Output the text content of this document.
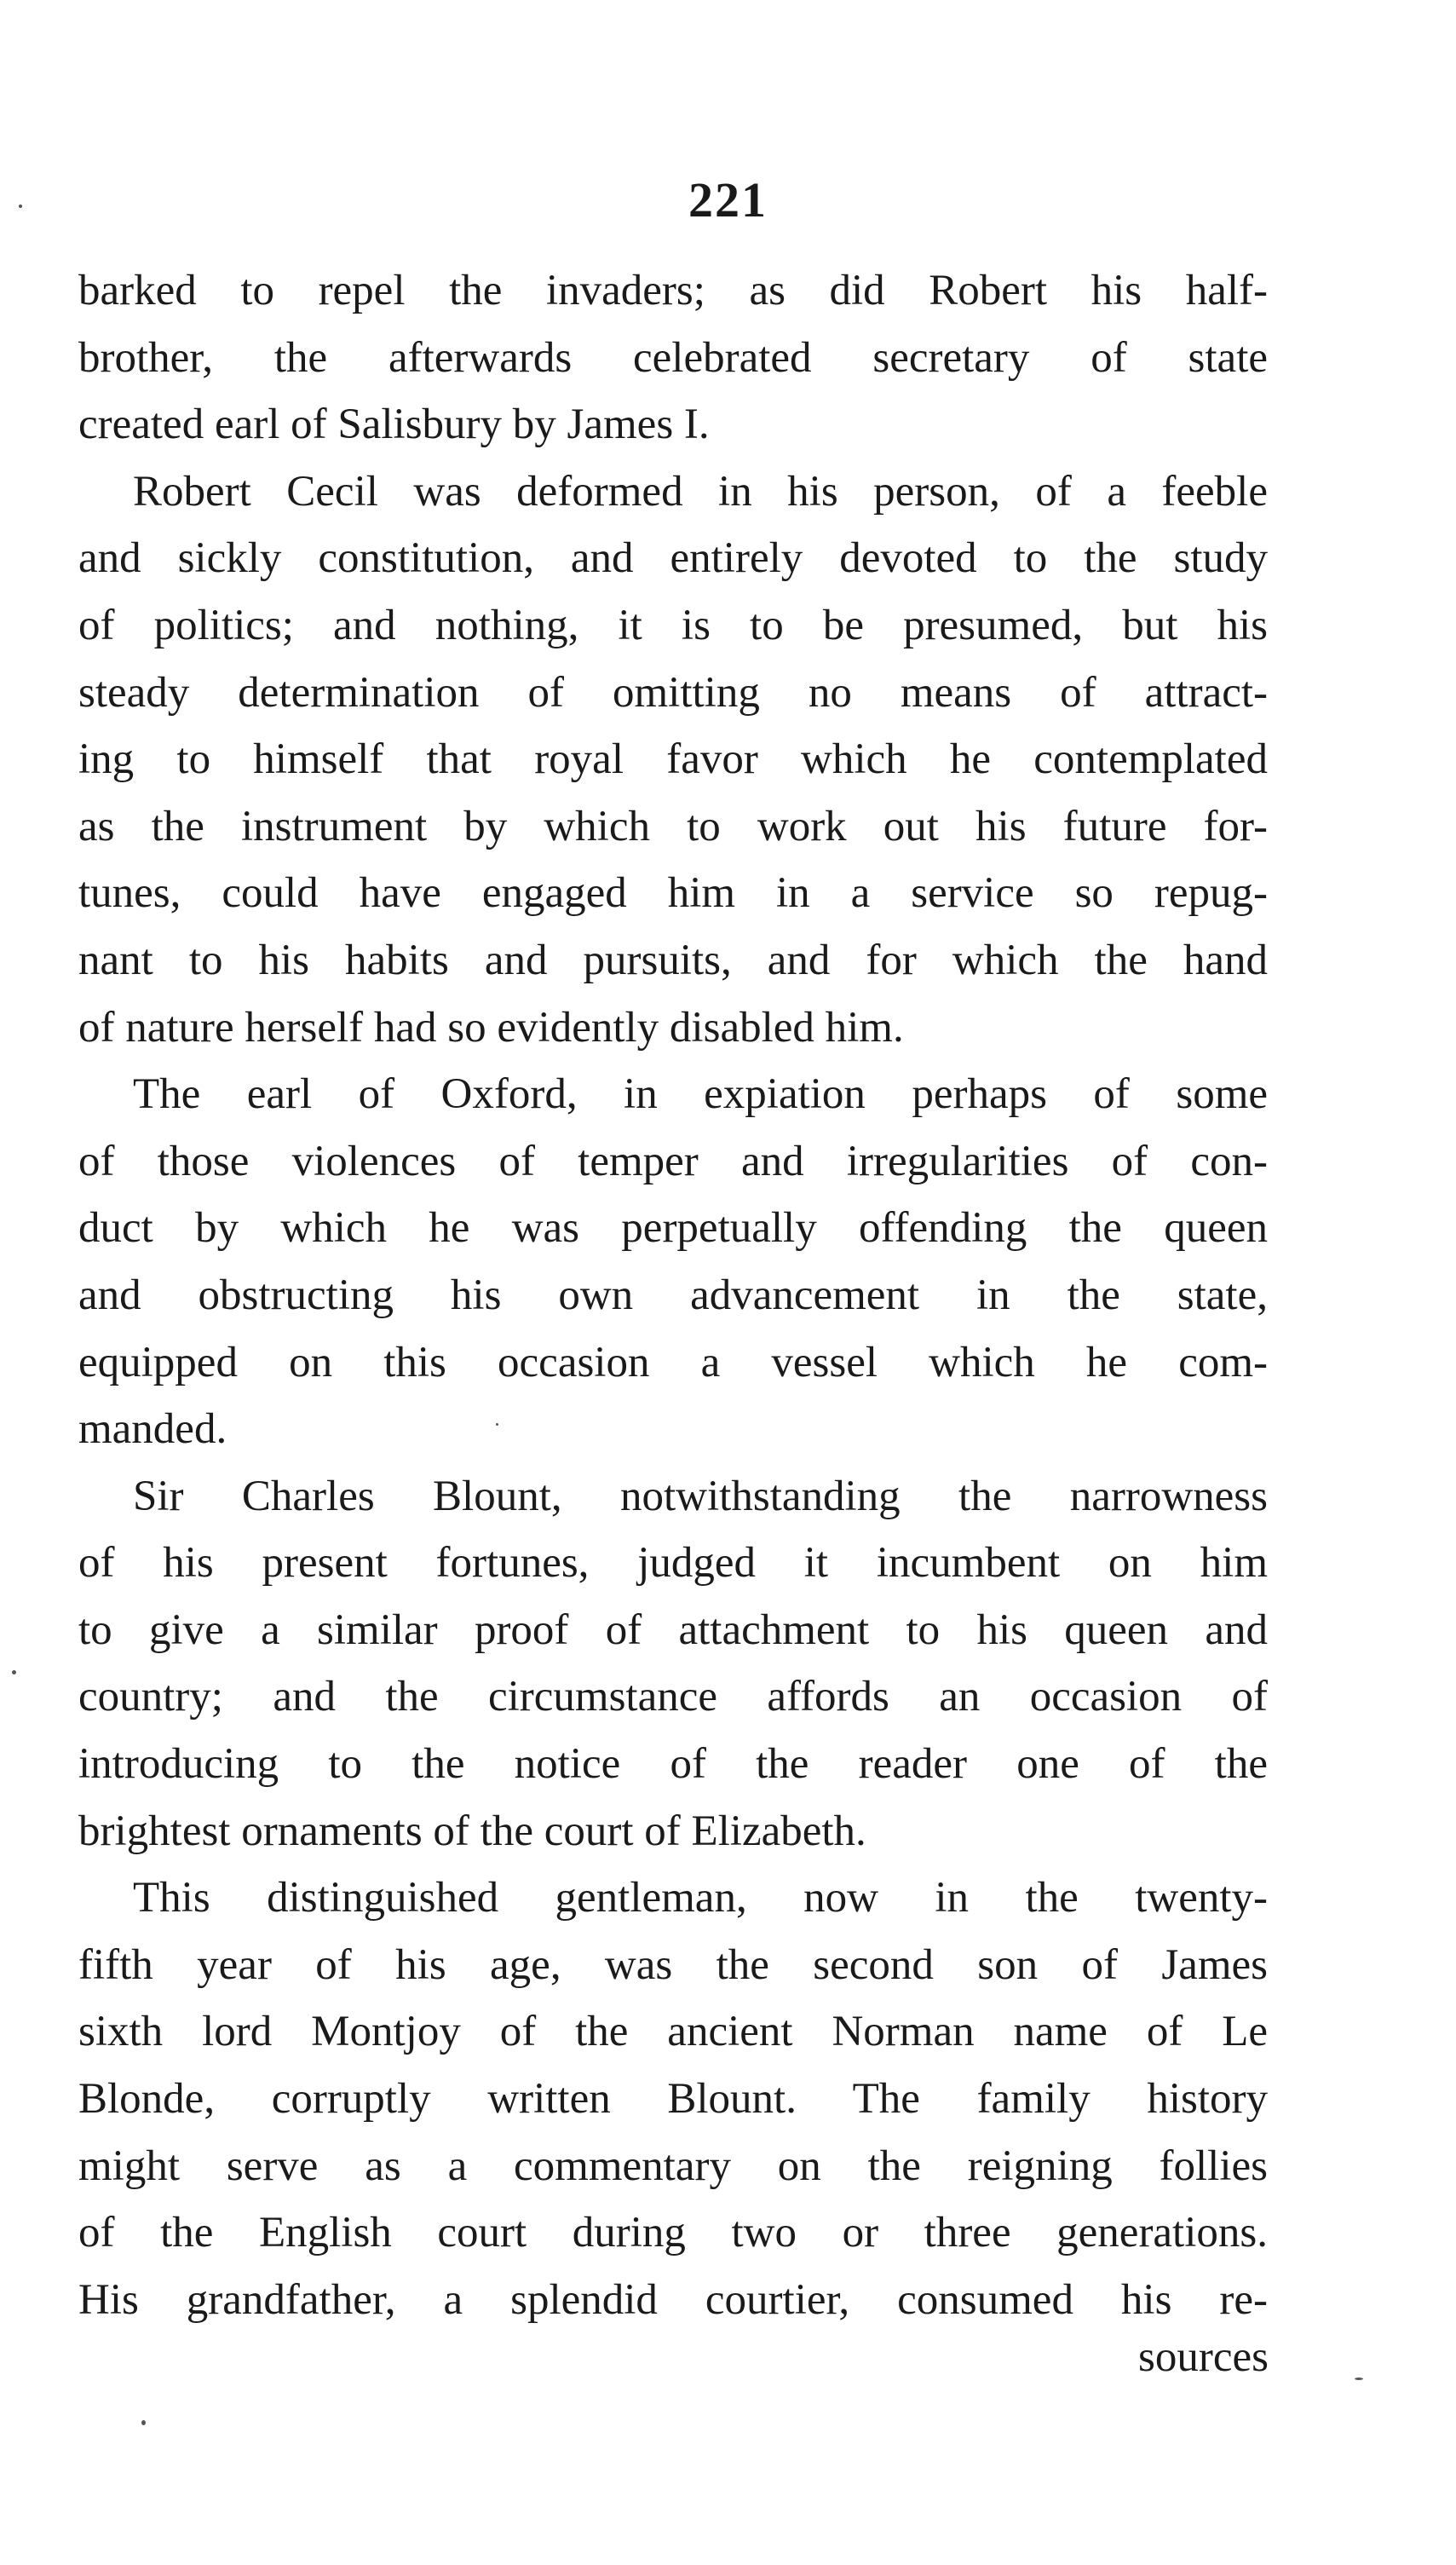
221
barked to repel the invaders; as did Robert his half-
brother, the afterwards celebrated secretary of state
created earl of Salisbury by James I.
Robert Cecil was deformed in his person, of a feeble
and sickly constitution, and entirely devoted to the study
of politics; and nothing, it is to be presumed, but his
steady determination of omitting no means of attract-
ing to himself that royal favor which he contemplated
as the instrument by which to work out his future for-
tunes, could have engaged him in a service so repug-
nant to his habits and pursuits, and for which the hand
of nature herself had so evidently disabled him.
The earl of Oxford, in expiation perhaps of some
of those violences of temper and irregularities of con-
duct by which he was perpetually offending the queen
and obstructing his own advancement in the state,
equipped on this occasion a vessel which he com-
manded.
Sir Charles Blount, notwithstanding the narrowness
of his present fortunes, judged it incumbent on him
to give a similar proof of attachment to his queen and
country; and the circumstance affords an occasion of
introducing to the notice of the reader one of the
brightest ornaments of the court of Elizabeth.
This distinguished gentleman, now in the twenty-
fifth year of his age, was the second son of James
sixth lord Montjoy of the ancient Norman name of Le
Blonde, corruptly written Blount. The family history
might serve as a commentary on the reigning follies
of the English court during two or three generations.
His grandfather, a splendid courtier, consumed his re-
sources
